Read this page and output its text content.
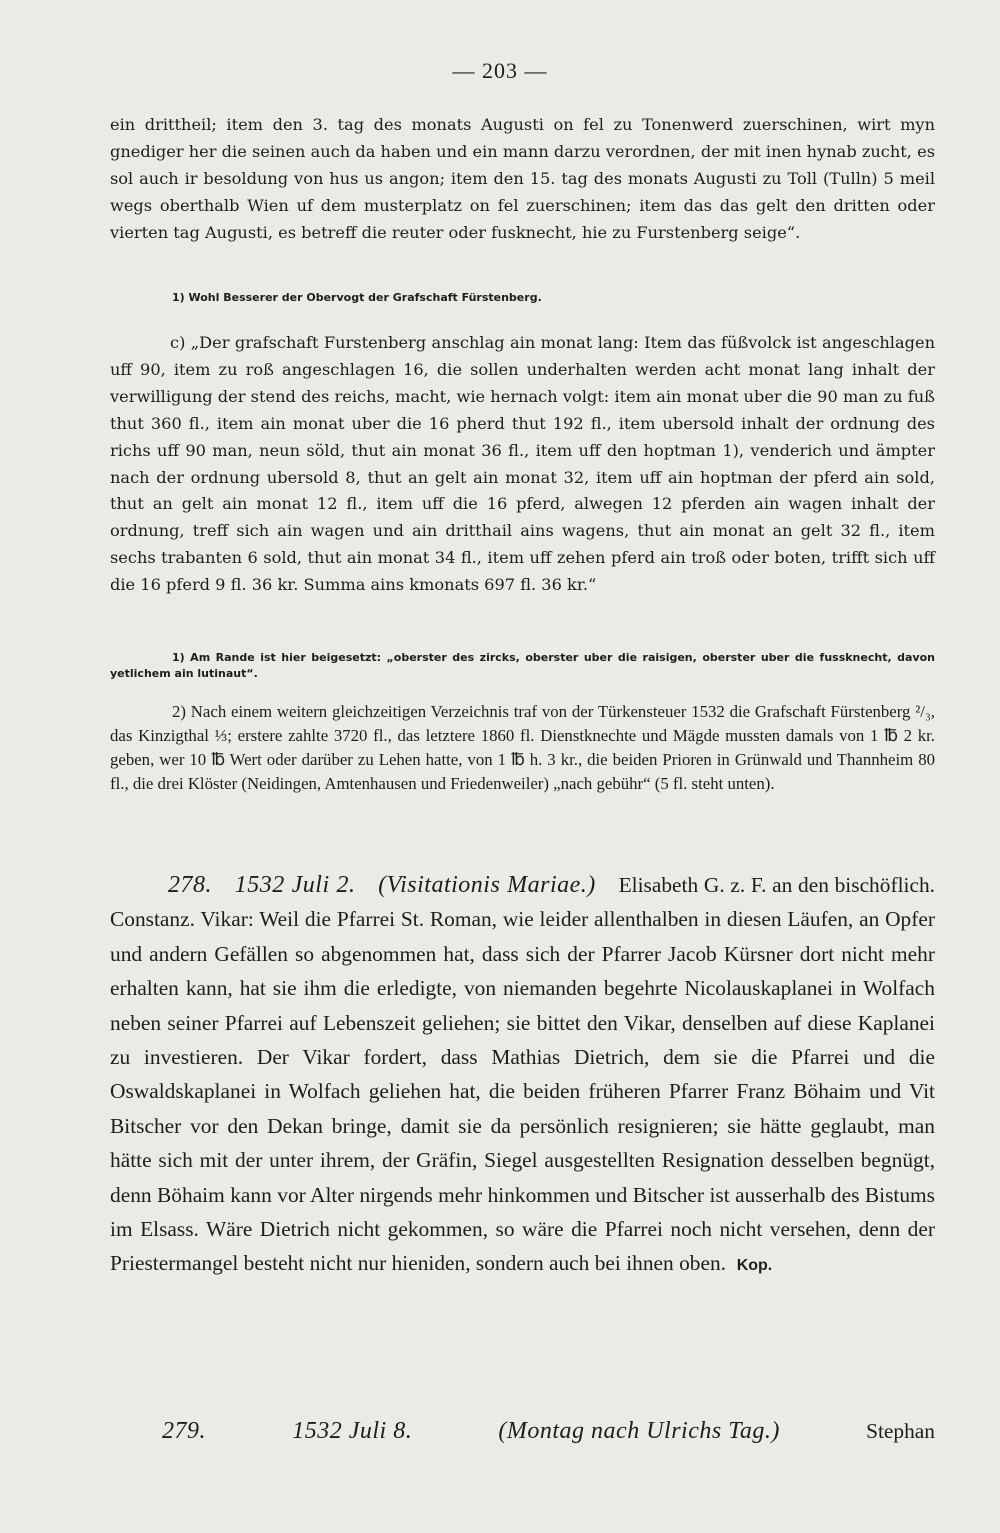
— 203 —

ein drittheil; item den 3. tag des monats Augusti on fel zu Tonenwerd zuerschinen, wirt myn gnediger her die seinen auch da haben und ein mann darzu verordnen, der mit inen hynab zucht, es sol auch ir besoldung von hus us angon; item den 15. tag des monats Augusti zu Toll (Tulln) 5 meil wegs oberthalb Wien uf dem musterplatz on fel zuerschinen; item das das gelt den dritten oder vierten tag Augusti, es betreff die reuter oder fusknecht, hie zu Furstenberg seige“.

1) Wohl Besserer der Obervogt der Grafschaft Fürstenberg.

c) „Der grafschaft Furstenberg anschlag ain monat lang: Item das füßvolck ist angeschlagen uff 90, item zu roß angeschlagen 16, die sollen underhalten werden acht monat lang inhalt der verwilligung der stend des reichs, macht, wie hernach volgt: item ain monat uber die 90 man zu fuß thut 360 fl., item ain monat uber die 16 pherd thut 192 fl., item ubersold inhalt der ordnung des richs uff 90 man, neun söld, thut ain monat 36 fl., item uff den hoptman 1), venderich und ämpter nach der ordnung ubersold 8, thut an gelt ain monat 32, item uff ain hoptman der pferd ain sold, thut an gelt ain monat 12 fl., item uff die 16 pferd, alwegen 12 pferden ain wagen inhalt der ordnung, treff sich ain wagen und ain dritthail ains wagens, thut ain monat an gelt 32 fl., item sechs trabanten 6 sold, thut ain monat 34 fl., item uff zehen pferd ain troß oder boten, trifft sich uff die 16 pferd 9 fl. 36 kr. Summa ains kmonats 697 fl. 36 kr.“

1) Am Rande ist hier beigesetzt: „oberster des zircks, oberster uber die raisigen, oberster uber die fussknecht, davon yetlichem ain lutinaut“.

2) Nach einem weitern gleichzeitigen Verzeichnis traf von der Türkensteuer 1532 die Grafschaft Fürstenberg ²/₃, das Kinzigthal ⅓; erstere zahlte 3720 fl., das letztere 1860 fl. Dienstknechte und Mägde mussten damals von 1 ℔ 2 kr. geben, wer 10 ℔ Wert oder darüber zu Lehen hatte, von 1 ℔ h. 3 kr., die beiden Prioren in Grünwald und Thannheim 80 fl., die drei Klöster (Neidingen, Amtenhausen und Friedenweiler) „nach gebühr“ (5 fl. steht unten).

278. 1532 Juli 2. (Visitationis Mariae.) Elisabeth G. z. F. an den bischöflich. Constanz. Vikar: Weil die Pfarrei St. Roman, wie leider allenthalben in diesen Läufen, an Opfer und andern Gefällen so abgenommen hat, dass sich der Pfarrer Jacob Kürsner dort nicht mehr erhalten kann, hat sie ihm die erledigte, von niemanden begehrte Nicolauskaplanei in Wolfach neben seiner Pfarrei auf Lebenszeit geliehen; sie bittet den Vikar, denselben auf diese Kaplanei zu investieren. Der Vikar fordert, dass Mathias Dietrich, dem sie die Pfarrei und die Oswaldskaplanei in Wolfach geliehen hat, die beiden früheren Pfarrer Franz Böhaim und Vit Bitscher vor den Dekan bringe, damit sie da persönlich resignieren; sie hätte geglaubt, man hätte sich mit der unter ihrem, der Gräfin, Siegel ausgestellten Resignation desselben begnügt, denn Böhaim kann vor Alter nirgends mehr hinkommen und Bitscher ist ausserhalb des Bistums im Elsass. Wäre Dietrich nicht gekommen, so wäre die Pfarrei noch nicht versehen, denn der Priestermangel besteht nicht nur hieniden, sondern auch bei ihnen oben. Kop.

279.	1532 Juli 8.	(Montag nach Ulrichs Tag.)	Stephan
